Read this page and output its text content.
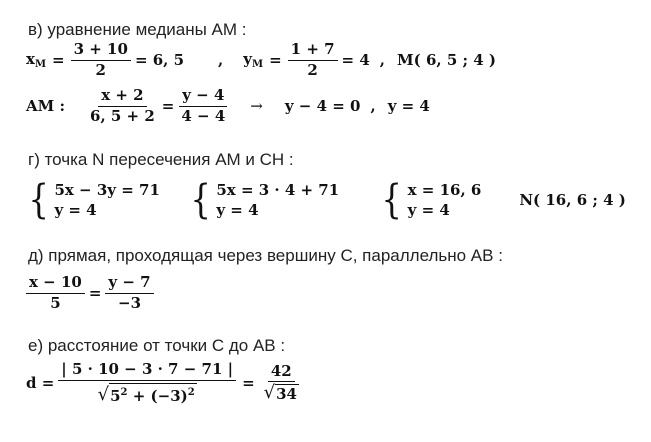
в) уравнение медианы AM :
$x_M = \frac{3 + 10}{2} = 6$, 5 , $y_M = \frac{1 + 7}{2} = 4$ , M( 6, 5 ; 4 )
AM : $\frac{x + 2}{6, 5 + 2} = \frac{y - 4}{4 - 4} \to y - 4 = 0$ , y = 4
г) точка N пересечения AM и CH :
{ 5x − 3y = 71
y = 4	{ 5x = 3 · 4 + 71
y = 4	{ x = 16, 6
y = 4
N( 16, 6 ; 4 )
д) прямая, проходящая через вершину C, параллельно AB :
$\frac{x - 10}{5} = \frac{y - 7}{-3}$
е) расстояние от точки C до AB :
$d = \frac{| 5 \cdot 10 - 3 \cdot 7 - 71 |}{√ 5^2 + (-3)^2} = \frac{42}{√ 34}$
